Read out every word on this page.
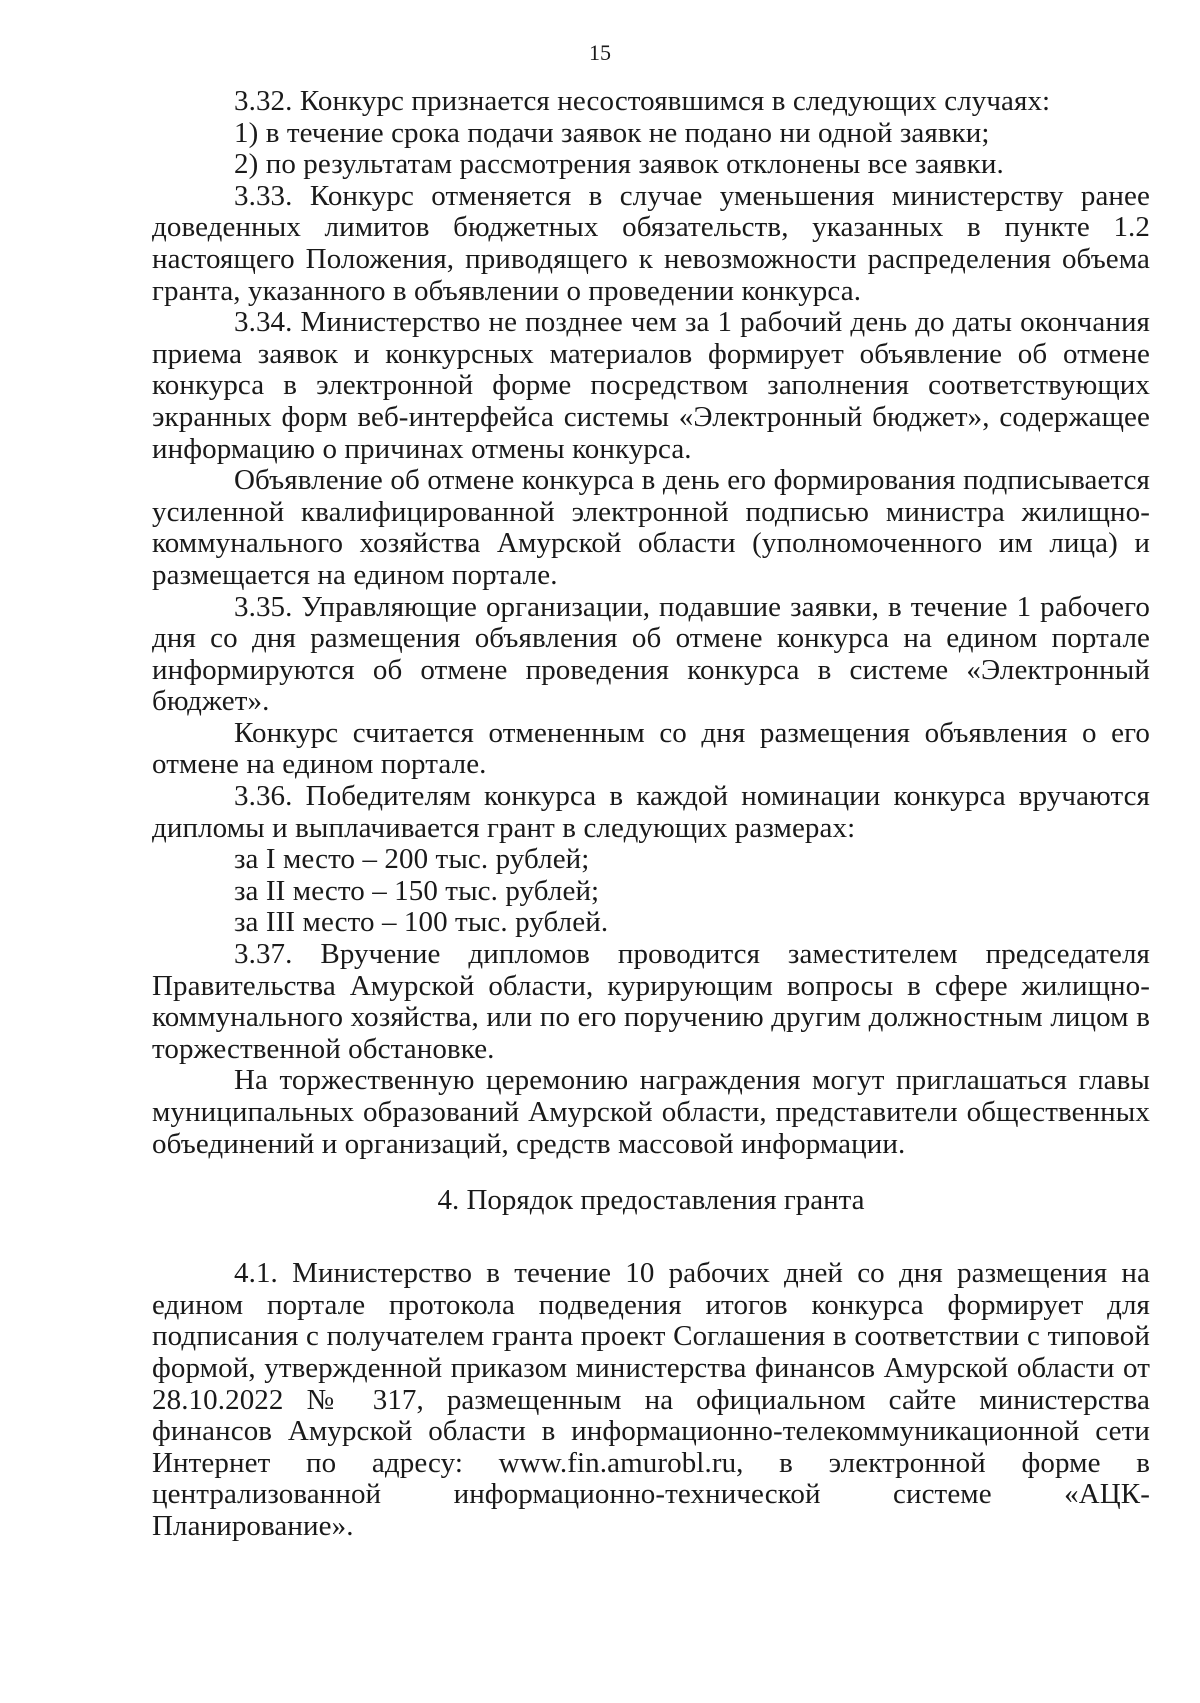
15

3.32. Конкурс признается несостоявшимся в следующих случаях:

1) в течение срока подачи заявок не подано ни одной заявки;

2) по результатам рассмотрения заявок отклонены все заявки.

3.33. Конкурс отменяется в случае уменьшения министерству ранее доведенных лимитов бюджетных обязательств, указанных в пункте 1.2 настоящего Положения, приводящего к невозможности распределения объема гранта, указанного в объявлении о проведении конкурса.

3.34. Министерство не позднее чем за 1 рабочий день до даты окончания приема заявок и конкурсных материалов формирует объявление об отмене конкурса в электронной форме посредством заполнения соответствующих экранных форм веб-интерфейса системы «Электронный бюджет», содержащее информацию о причинах отмены конкурса.

Объявление об отмене конкурса в день его формирования подписывается усиленной квалифицированной электронной подписью министра жилищно-коммунального хозяйства Амурской области (уполномоченного им лица) и размещается на едином портале.

3.35. Управляющие организации, подавшие заявки, в течение 1 рабочего дня со дня размещения объявления об отмене конкурса на едином портале информируются об отмене проведения конкурса в системе «Электронный бюджет».

Конкурс считается отмененным со дня размещения объявления о его отмене на едином портале.

3.36. Победителям конкурса в каждой номинации конкурса вручаются дипломы и выплачивается грант в следующих размерах:

за I место – 200 тыс. рублей;

за II место – 150 тыс. рублей;

за III место – 100 тыс. рублей.

3.37. Вручение дипломов проводится заместителем председателя Правительства Амурской области, курирующим вопросы в сфере жилищно-коммунального хозяйства, или по его поручению другим должностным лицом в торжественной обстановке.

На торжественную церемонию награждения могут приглашаться главы муниципальных образований Амурской области, представители общественных объединений и организаций, средств массовой информации.

4. Порядок предоставления гранта

4.1. Министерство в течение 10 рабочих дней со дня размещения на едином портале протокола подведения итогов конкурса формирует для подписания с получателем гранта проект Соглашения в соответствии с типовой формой, утвержденной приказом министерства финансов Амурской области от 28.10.2022 № 317, размещенным на официальном сайте министерства финансов Амурской области в информационно-телекоммуникационной сети Интернет по адресу: www.fin.amurobl.ru, в электронной форме в централизованной информационно-технической системе «АЦК-Планирование».
